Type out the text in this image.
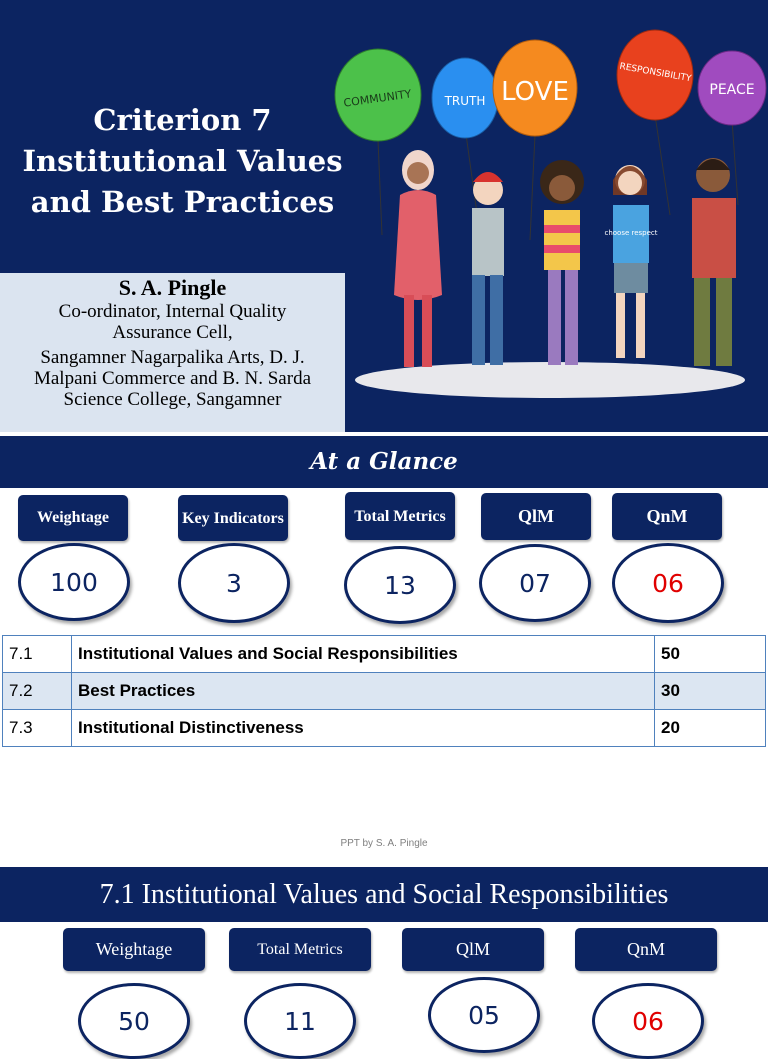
Criterion 7
Institutional Values
and Best Practices
COMMUNITY	TRUTH LOVE
RESPONSIBILITY
PEACE
choose respect
S. A. Pingle
Co-ordinator, Internal Quality
Assurance Cell,
Sangamner Nagarpalika Arts, D. J.
Malpani Commerce and B. N. Sarda
Science College, Sangamner
At a Glance
Weightage	Key Indicators	Total Metrics	QlM	QnM
100	3	13	07	06
7.1	Institutional Values and Social Responsibilities	50
7.2	Best Practices	30
7.3	Institutional Distinctiveness	20
PPT by S. A. Pingle
7.1 Institutional Values and Social Responsibilities
Weightage	Total Metrics	QlM	QnM
50	11	05	06
